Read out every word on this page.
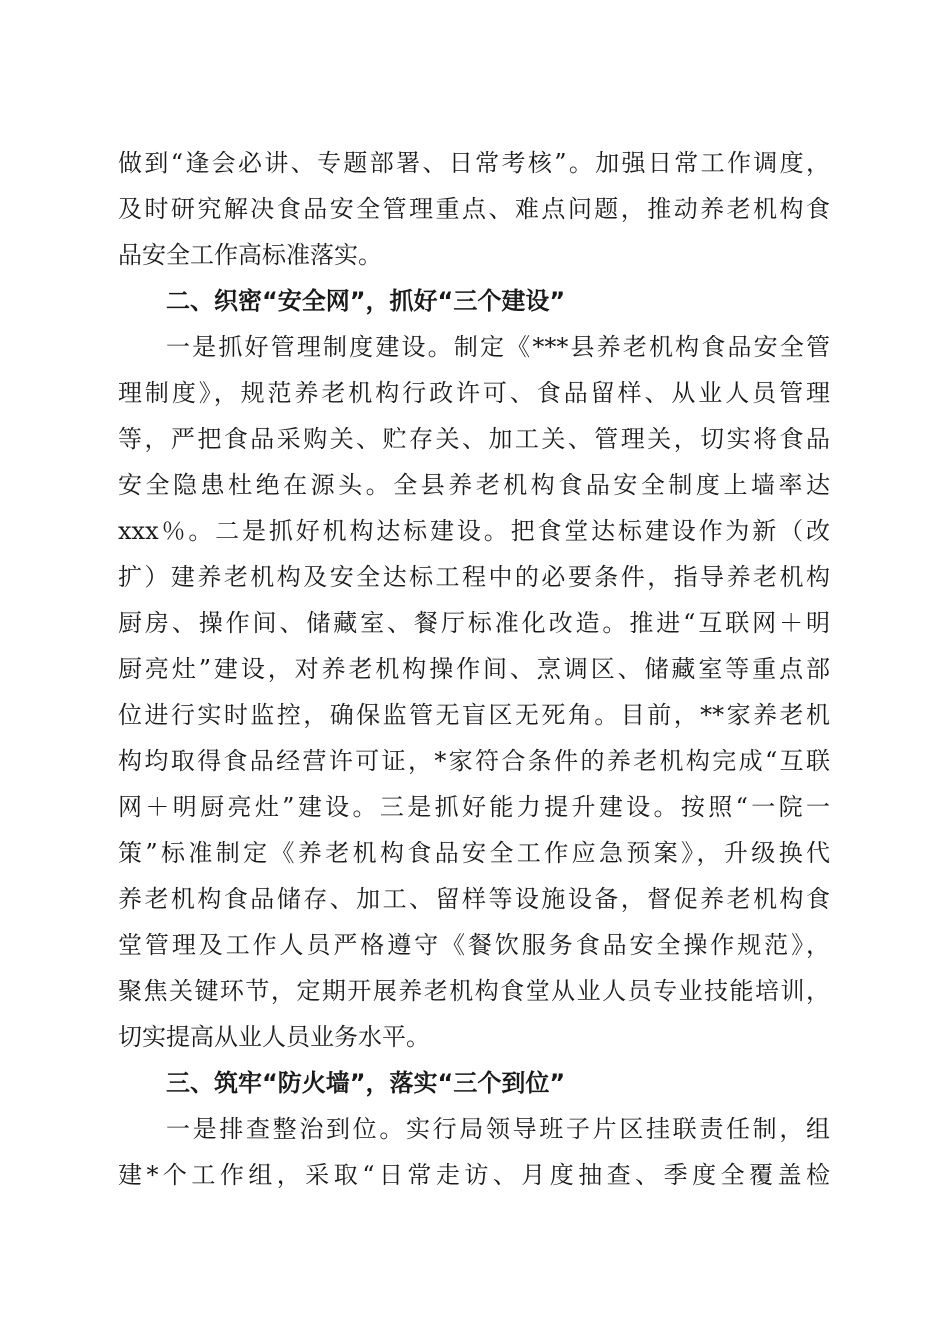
做到“逢会必讲、专题部署、日常考核”。加强日常工作调度，
及时研究解决食品安全管理重点、难点问题，推动养老机构食
品安全工作高标准落实。
二、织密“安全网”，抓好“三个建设”
一是抓好管理制度建设。制定《***县养老机构食品安全管
理制度》，规范养老机构行政许可、食品留样、从业人员管理
等，严把食品采购关、贮存关、加工关、管理关，切实将食品
安全隐患杜绝在源头。全县养老机构食品安全制度上墙率达
xxx％。二是抓好机构达标建设。把食堂达标建设作为新（改
扩）建养老机构及安全达标工程中的必要条件，指导养老机构
厨房、操作间、储藏室、餐厅标准化改造。推进“互联网＋明
厨亮灶”建设，对养老机构操作间、烹调区、储藏室等重点部
位进行实时监控，确保监管无盲区无死角。目前，**家养老机
构均取得食品经营许可证，*家符合条件的养老机构完成“互联
网＋明厨亮灶”建设。三是抓好能力提升建设。按照“一院一
策”标准制定《养老机构食品安全工作应急预案》，升级换代
养老机构食品储存、加工、留样等设施设备，督促养老机构食
堂管理及工作人员严格遵守《餐饮服务食品安全操作规范》，
聚焦关键环节，定期开展养老机构食堂从业人员专业技能培训，
切实提高从业人员业务水平。
三、筑牢“防火墙”，落实“三个到位”
一是排查整治到位。实行局领导班子片区挂联责任制，组
建*个工作组，采取“日常走访、月度抽查、季度全覆盖检
